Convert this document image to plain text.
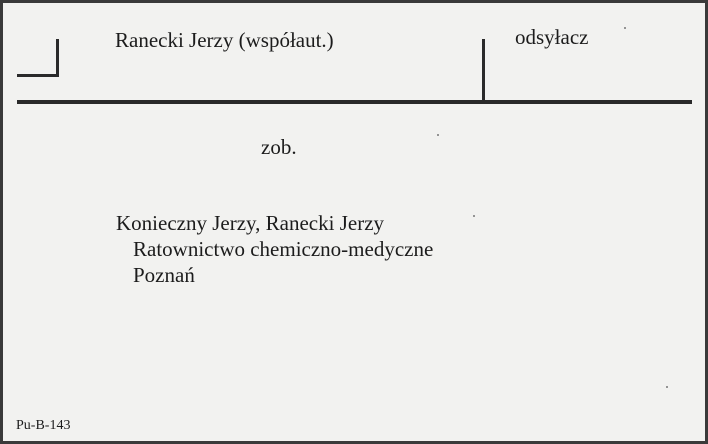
Ranecki Jerzy (współaut.)	odsyłacz
zob.
Konieczny Jerzy, Ranecki Jerzy
Ratownictwo chemiczno-medyczne
Poznań
Pu-B-143
